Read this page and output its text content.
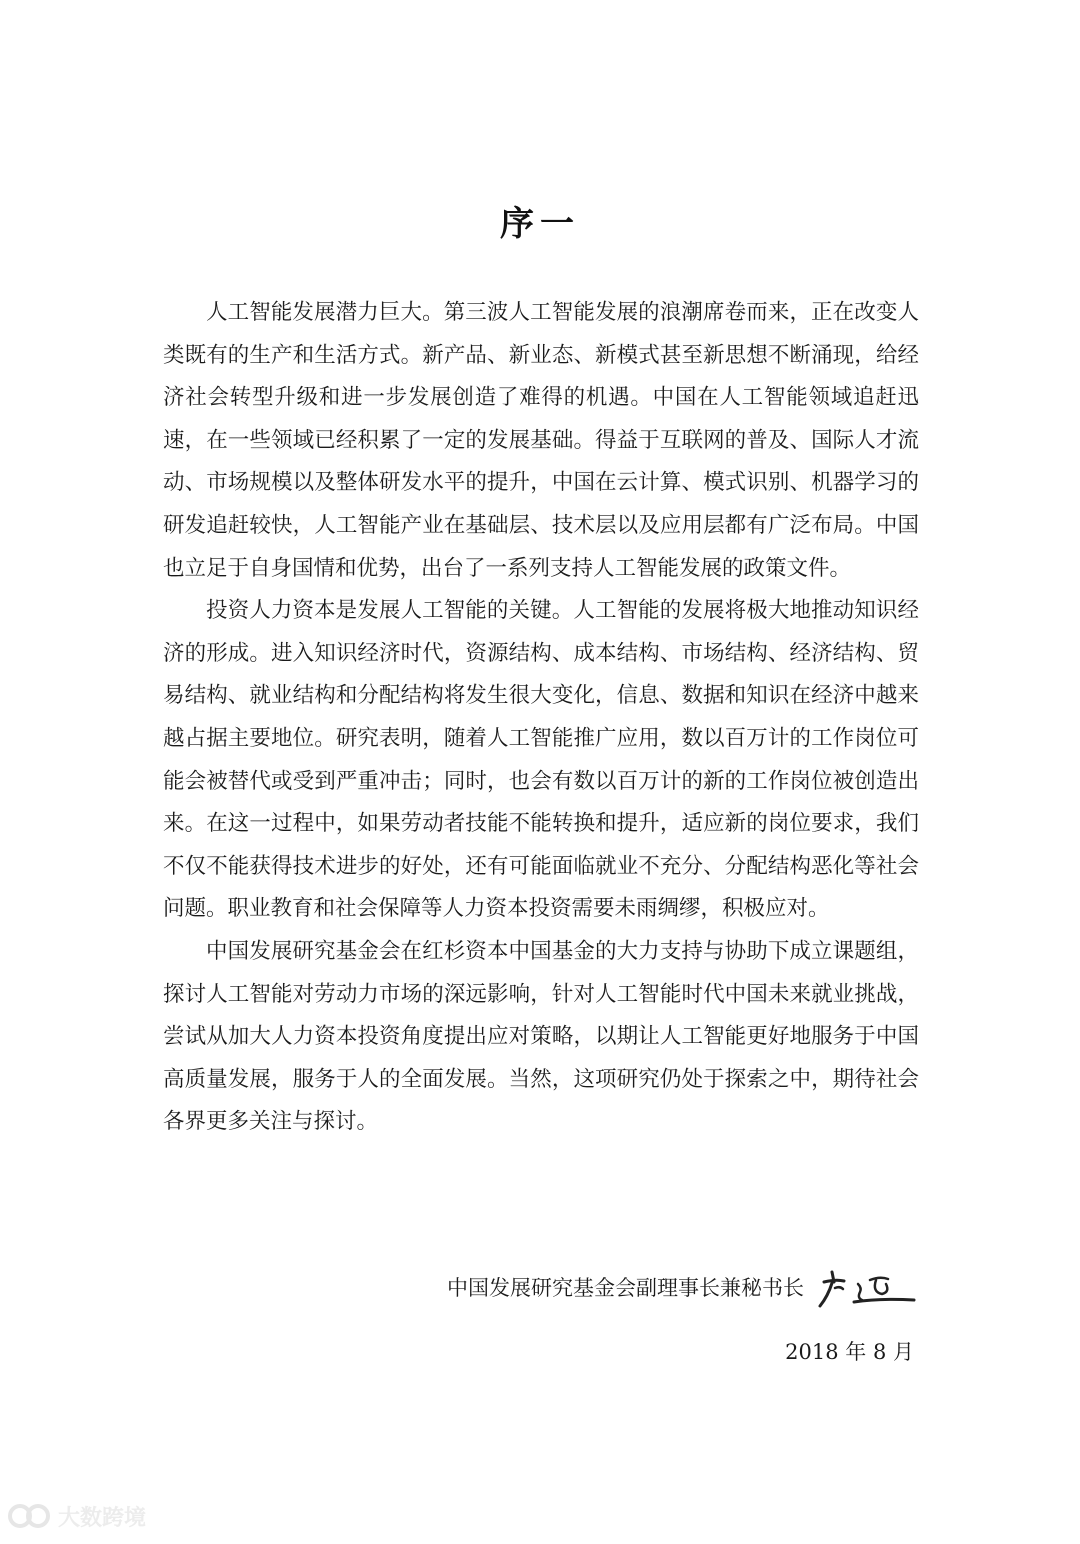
序一

人工智能发展潜力巨大。第三波人工智能发展的浪潮席卷而来，正在改变人类既有的生产和生活方式。新产品、新业态、新模式甚至新思想不断涌现，给经济社会转型升级和进一步发展创造了难得的机遇。中国在人工智能领域追赶迅速，在一些领域已经积累了一定的发展基础。得益于互联网的普及、国际人才流动、市场规模以及整体研发水平的提升，中国在云计算、模式识别、机器学习的研发追赶较快，人工智能产业在基础层、技术层以及应用层都有广泛布局。中国也立足于自身国情和优势，出台了一系列支持人工智能发展的政策文件。

投资人力资本是发展人工智能的关键。人工智能的发展将极大地推动知识经济的形成。进入知识经济时代，资源结构、成本结构、市场结构、经济结构、贸易结构、就业结构和分配结构将发生很大变化，信息、数据和知识在经济中越来越占据主要地位。研究表明，随着人工智能推广应用，数以百万计的工作岗位可能会被替代或受到严重冲击；同时，也会有数以百万计的新的工作岗位被创造出来。在这一过程中，如果劳动者技能不能转换和提升，适应新的岗位要求，我们不仅不能获得技术进步的好处，还有可能面临就业不充分、分配结构恶化等社会问题。职业教育和社会保障等人力资本投资需要未雨绸缪，积极应对。

中国发展研究基金会在红杉资本中国基金的大力支持与协助下成立课题组，探讨人工智能对劳动力市场的深远影响，针对人工智能时代中国未来就业挑战，尝试从加大人力资本投资角度提出应对策略，以期让人工智能更好地服务于中国高质量发展，服务于人的全面发展。当然，这项研究仍处于探索之中，期待社会各界更多关注与探讨。

中国发展研究基金会副理事长兼秘书长
2018 年 8 月
大数跨境
